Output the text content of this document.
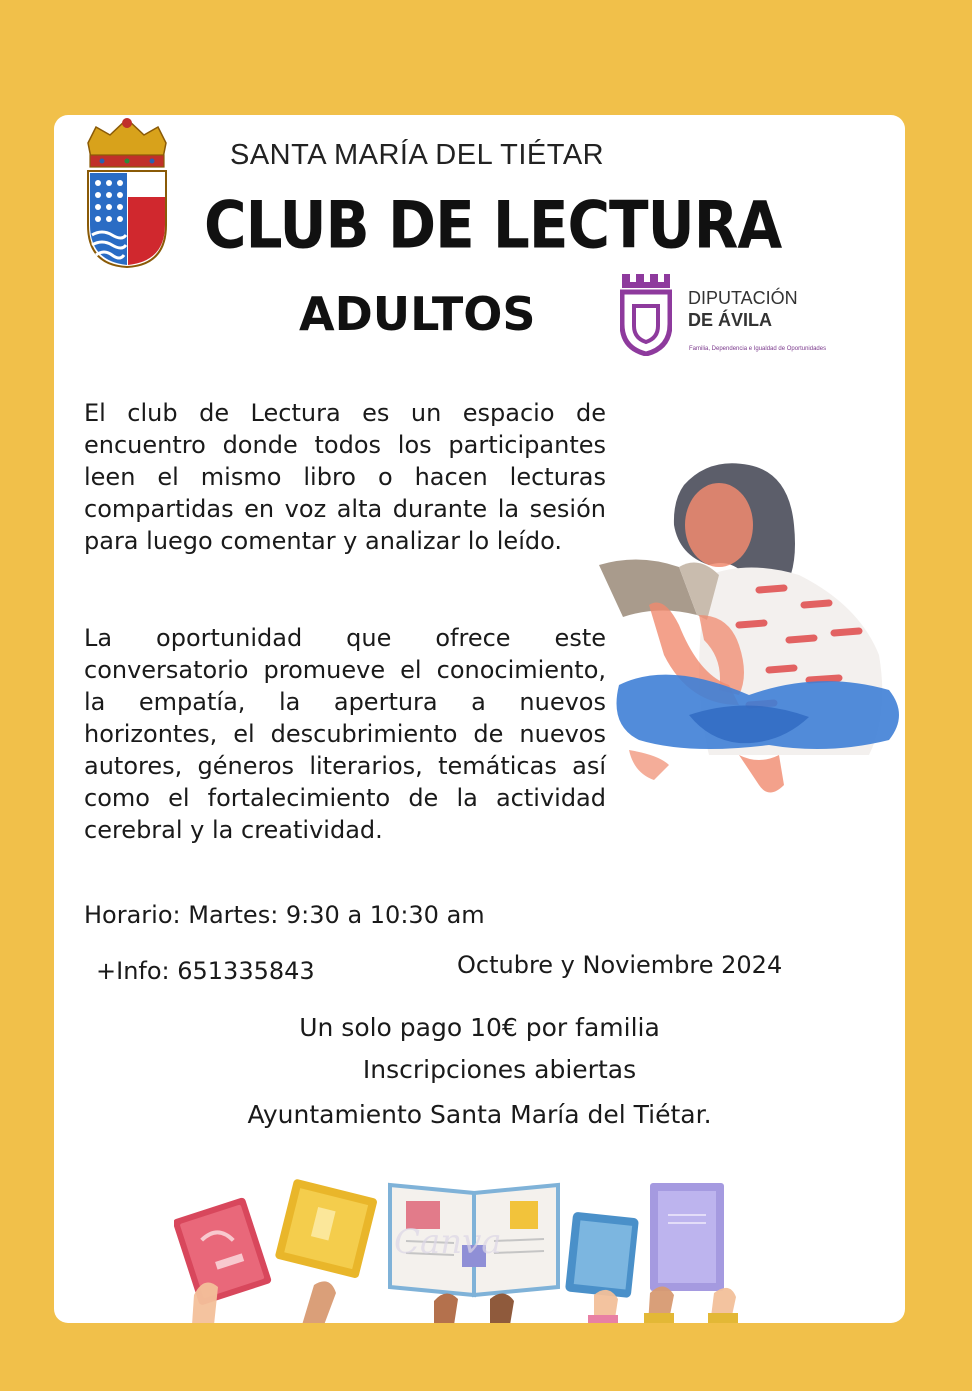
SANTA MARÍA DEL TIÉTAR
CLUB DE LECTURA
ADULTOS	DIPUTACIÓN
DE ÁVILA
Familia, Dependencia e Igualdad de Oportunidades
El club de Lectura es un espacio de encuentro donde todos los participantes leen el mismo libro o hacen lecturas compartidas en voz alta durante la sesión para luego comentar y analizar lo leído.
La oportunidad que ofrece este conversatorio promueve el conocimiento, la empatía, la apertura a nuevos horizontes, el descubrimiento de nuevos autores, géneros literarios, temáticas así como el fortalecimiento de la actividad cerebral y la creatividad.
Horario: Martes: 9:30 a 10:30 am
+Info: 651335843	Octubre y Noviembre 2024
Un solo pago 10€ por familia
Inscripciones abiertas
Ayuntamiento Santa María del Tiétar.
Canva
